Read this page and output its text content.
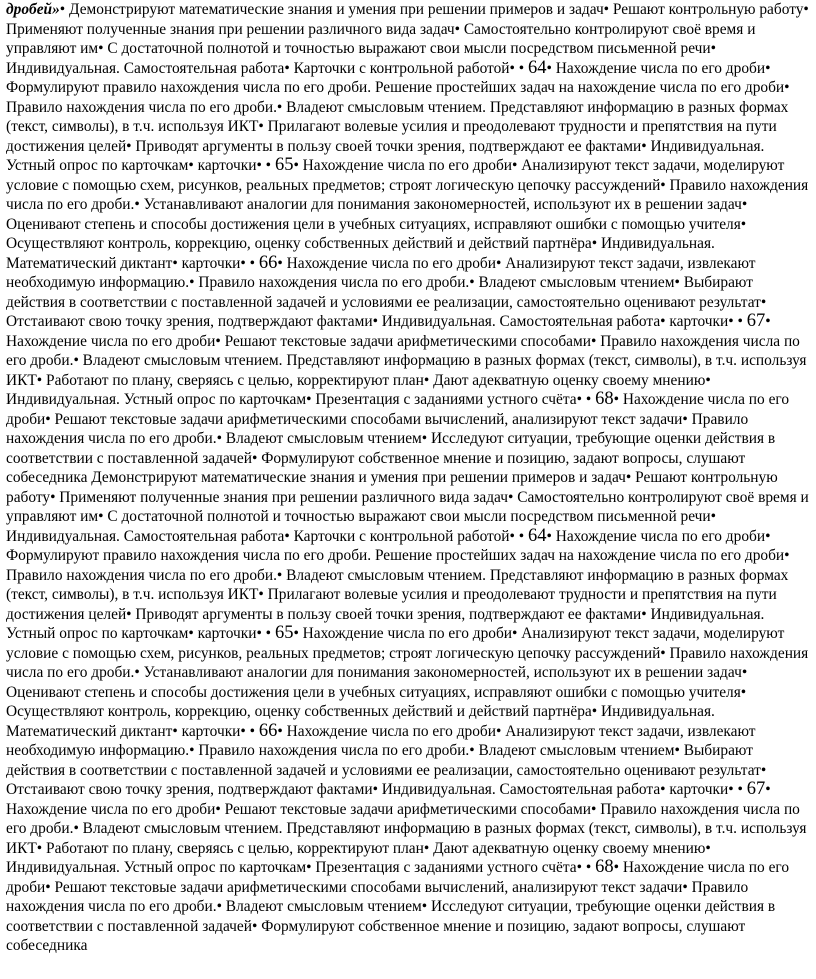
дробей»• Демонстрируют математические знания и умения при решении примеров и задач• Решают контрольную работу• Применяют полученные знания при решении различного вида задач• Самостоятельно контролируют своё время и управляют им• С достаточной полнотой и точностью выражают свои мысли посредством письменной речи• Индивидуальная. Самостоятельная работа• Карточки с контрольной работой• • 64• Нахождение числа по его дроби• Формулируют правило нахождения числа по его дроби. Решение простейших задач на нахождение числа по его дроби• Правило нахождения числа по его дроби.• Владеют смысловым чтением. Представляют информацию в разных формах (текст, символы), в т.ч. используя ИКТ• Прилагают волевые усилия и преодолевают трудности и препятствия на пути достижения целей• Приводят аргументы в пользу своей точки зрения, подтверждают ее фактами• Индивидуальная. Устный опрос по карточкам• карточки• • 65• Нахождение числа по его дроби• Анализируют текст задачи, моделируют условие с помощью схем, рисунков, реальных предметов; строят логическую цепочку рассуждений• Правило нахождения числа по его дроби.• Устанавливают аналогии для понимания закономерностей, используют их в решении задач• Оценивают степень и способы достижения цели в учебных ситуациях, исправляют ошибки с помощью учителя• Осуществляют контроль, коррекцию, оценку собственных действий и действий партнёра• Индивидуальная. Математический диктант• карточки• • 66• Нахождение числа по его дроби• Анализируют текст задачи, извлекают необходимую информацию.• Правило нахождения числа по его дроби.• Владеют смысловым чтением• Выбирают действия в соответствии с поставленной задачей и условиями ее реализации, самостоятельно оценивают результат• Отстаивают свою точку зрения, подтверждают фактами• Индивидуальная. Самостоятельная работа• карточки• • 67• Нахождение числа по его дроби• Решают текстовые задачи арифметическими способами• Правило нахождения числа по его дроби.• Владеют смысловым чтением. Представляют информацию в разных формах (текст, символы), в т.ч. используя ИКТ• Работают по плану, сверяясь с целью, корректируют план• Дают адекватную оценку своему мнению• Индивидуальная. Устный опрос по карточкам• Презентация с заданиями устного счёта• • 68• Нахождение числа по его дроби• Решают текстовые задачи арифметическими способами вычислений, анализируют текст задачи• Правило нахождения числа по его дроби.• Владеют смысловым чтением• Исследуют ситуации, требующие оценки действия в соответствии с поставленной задачей• Формулируют собственное мнение и позицию, задают вопросы, слушают собеседника Демонстрируют математические знания и умения при решении примеров и задач• Решают контрольную работу• Применяют полученные знания при решении различного вида задач• Самостоятельно контролируют своё время и управляют им• С достаточной полнотой и точностью выражают свои мысли посредством письменной речи• Индивидуальная. Самостоятельная работа• Карточки с контрольной работой• • 64• Нахождение числа по его дроби• Формулируют правило нахождения числа по его дроби. Решение простейших задач на нахождение числа по его дроби• Правило нахождения числа по его дроби.• Владеют смысловым чтением. Представляют информацию в разных формах (текст, символы), в т.ч. используя ИКТ• Прилагают волевые усилия и преодолевают трудности и препятствия на пути достижения целей• Приводят аргументы в пользу своей точки зрения, подтверждают ее фактами• Индивидуальная. Устный опрос по карточкам• карточки• • 65• Нахождение числа по его дроби• Анализируют текст задачи, моделируют условие с помощью схем, рисунков, реальных предметов; строят логическую цепочку рассуждений• Правило нахождения числа по его дроби.• Устанавливают аналогии для понимания закономерностей, используют их в решении задач• Оценивают степень и способы достижения цели в учебных ситуациях, исправляют ошибки с помощью учителя• Осуществляют контроль, коррекцию, оценку собственных действий и действий партнёра• Индивидуальная. Математический диктант• карточки• • 66• Нахождение числа по его дроби• Анализируют текст задачи, извлекают необходимую информацию.• Правило нахождения числа по его дроби.• Владеют смысловым чтением• Выбирают действия в соответствии с поставленной задачей и условиями ее реализации, самостоятельно оценивают результат• Отстаивают свою точку зрения, подтверждают фактами• Индивидуальная. Самостоятельная работа• карточки• • 67• Нахождение числа по его дроби• Решают текстовые задачи арифметическими способами• Правило нахождения числа по его дроби.• Владеют смысловым чтением. Представляют информацию в разных формах (текст, символы), в т.ч. используя ИКТ• Работают по плану, сверяясь с целью, корректируют план• Дают адекватную оценку своему мнению• Индивидуальная. Устный опрос по карточкам• Презентация с заданиями устного счёта• • 68• Нахождение числа по его дроби• Решают текстовые задачи арифметическими способами вычислений, анализируют текст задачи• Правило нахождения числа по его дроби.• Владеют смысловым чтением• Исследуют ситуации, требующие оценки действия в соответствии с поставленной задачей• Формулируют собственное мнение и позицию, задают вопросы, слушают собеседника
